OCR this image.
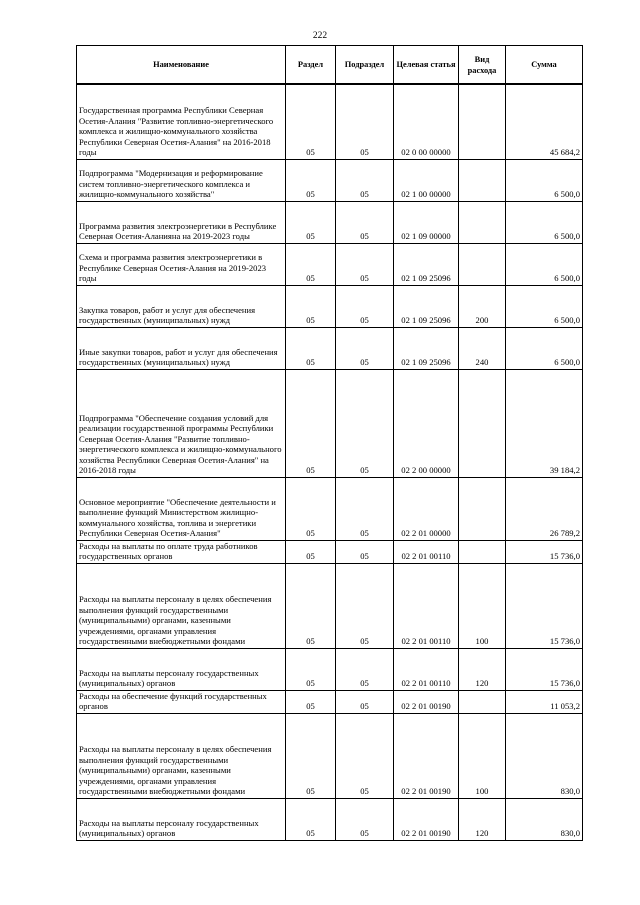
222
Наименование	Раздел	Подраздел	Целевая статья	Вид расхода	Сумма
Государственная программа Республики Северная Осетия-Алания "Развитие топливно-энергетического комплекса и жилищно-коммунального хозяйства Республики Северная Осетия-Алания" на 2016-2018 годы	05	05	02 0 00 00000		45 684,2
Подпрограмма "Модернизация и реформирование систем топливно-энергетического комплекса и жилищно-коммунального хозяйства"	05	05	02 1 00 00000		6 500,0
Программа развития электроэнергетики в Республике Северная Осетия-Аланияна на 2019-2023 годы	05	05	02 1 09 00000		6 500,0
Схема и программа развития электроэнергетики в Республике Северная Осетия-Алания на 2019-2023 годы	05	05	02 1 09 25096		6 500,0
Закупка товаров, работ и услуг для обеспечения государственных (муниципальных) нужд	05	05	02 1 09 25096	200	6 500,0
Иные закупки товаров, работ и услуг для обеспечения государственных (муниципальных) нужд	05	05	02 1 09 25096	240	6 500,0
Подпрограмма "Обеспечение создания условий для реализации государственной программы Республики Северная Осетия-Алания "Развитие топливно-энергетического комплекса и жилищно-коммунального хозяйства Республики Северная Осетия-Алания" на 2016-2018 годы	05	05	02 2 00 00000		39 184,2
Основное мероприятие "Обеспечение деятельности и выполнение функций Министерством жилищно-коммунального хозяйства, топлива и энергетики Республики Северная Осетия-Алания"	05	05	02 2 01 00000		26 789,2
Расходы на выплаты по оплате труда работников государственных органов	05	05	02 2 01 00110		15 736,0
Расходы на выплаты персоналу в целях обеспечения выполнения функций государственными (муниципальными) органами, казенными учреждениями, органами управления государственными внебюджетными фондами	05	05	02 2 01 00110	100	15 736,0
Расходы на выплаты персоналу государственных (муниципальных) органов	05	05	02 2 01 00110	120	15 736,0
Расходы на обеспечение функций государственных органов	05	05	02 2 01 00190		11 053,2
Расходы на выплаты персоналу в целях обеспечения выполнения функций государственными (муниципальными) органами, казенными учреждениями, органами управления государственными внебюджетными фондами	05	05	02 2 01 00190	100	830,0
Расходы на выплаты персоналу государственных (муниципальных) органов	05	05	02 2 01 00190	120	830,0
